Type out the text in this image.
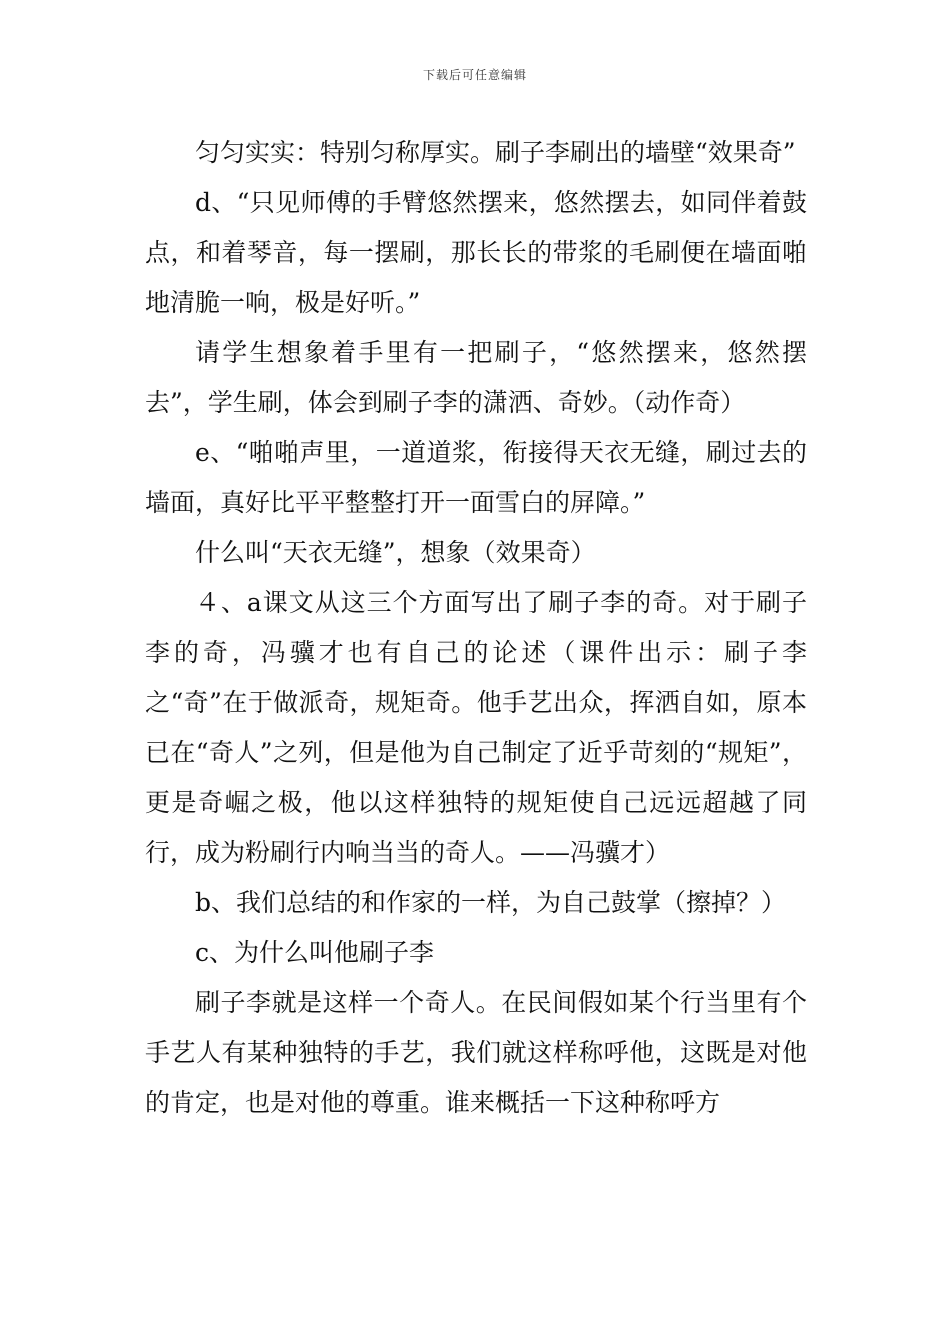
下载后可任意编辑

匀匀实实：特别匀称厚实。刷子李刷出的墙壁“效果奇”

d、“只见师傅的手臂悠然摆来，悠然摆去，如同伴着鼓点，和着琴音，每一摆刷，那长长的带浆的毛刷便在墙面啪地清脆一响，极是好听。”

请学生想象着手里有一把刷子，“悠然摆来，悠然摆去”，学生刷，体会到刷子李的潇洒、奇妙。（动作奇）

e、“啪啪声里，一道道浆，衔接得天衣无缝，刷过去的墙面，真好比平平整整打开一面雪白的屏障。”

什么叫“天衣无缝”，想象（效果奇）

４、a课文从这三个方面写出了刷子李的奇。对于刷子李的奇，冯骥才也有自己的论述（课件出示：刷子李之“奇”在于做派奇，规矩奇。他手艺出众，挥洒自如，原本已在“奇人”之列，但是他为自己制定了近乎苛刻的“规矩”，更是奇崛之极，他以这样独特的规矩使自己远远超越了同行，成为粉刷行内响当当的奇人。——冯骥才）

b、我们总结的和作家的一样，为自己鼓掌（擦掉？）

c、为什么叫他刷子李

刷子李就是这样一个奇人。在民间假如某个行当里有个手艺人有某种独特的手艺，我们就这样称呼他，这既是对他的肯定，也是对他的尊重。谁来概括一下这种称呼方
